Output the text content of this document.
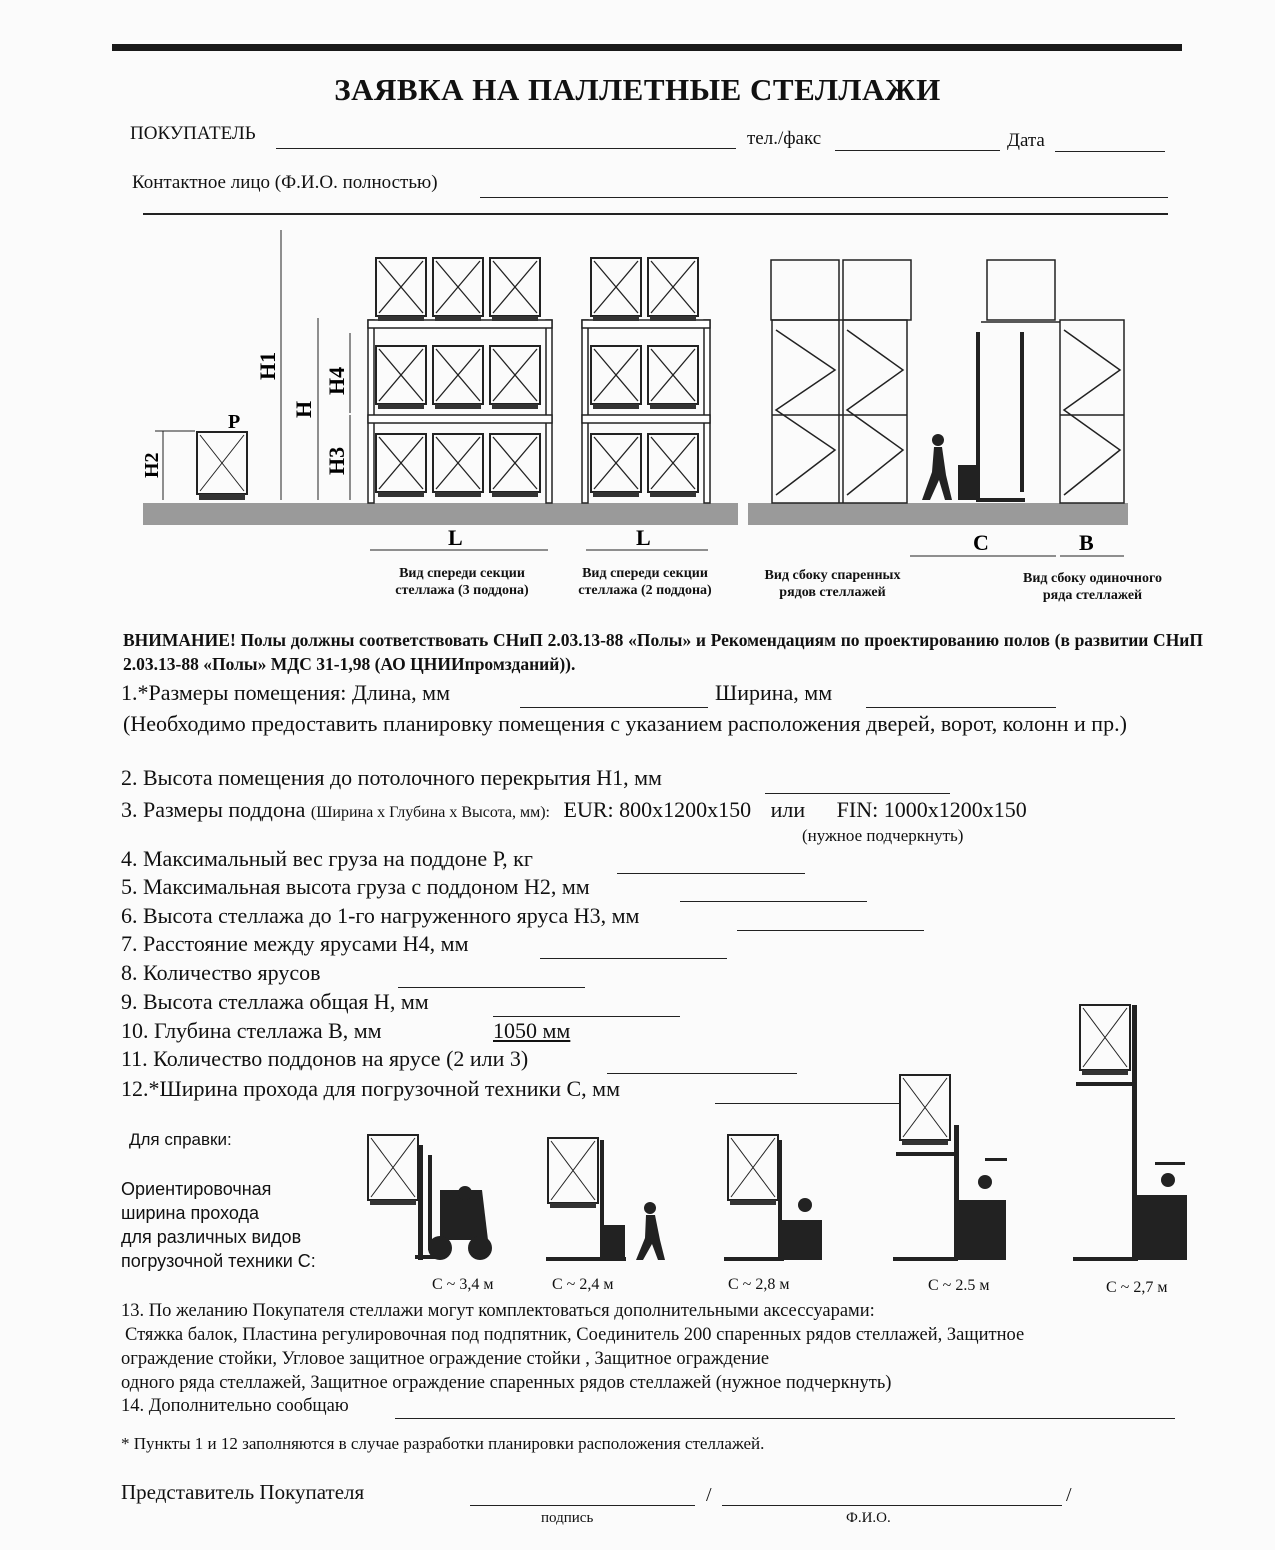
ЗАЯВКА НА ПАЛЛЕТНЫЕ СТЕЛЛАЖИ
ПОКУПАТЕЛЬ	тел./факс	Дата
Контактное лицо (Ф.И.О. полностью)
P
H2
H1
H
H4
H3
L	L	C	B
Вид спереди секции стеллажа (3 поддона)
Вид спереди секции стеллажа (2 поддона)
Вид сбоку спаренных рядов стеллажей
Вид сбоку одиночного ряда стеллажей
ВНИМАНИЕ! Полы должны соответствовать СНиП 2.03.13-88 «Полы» и Рекомендациям по проектированию полов (в развитии СНиП 2.03.13-88 «Полы» МДС 31-1,98 (АО ЦНИИпромзданий)).
1.*Размеры помещения: Длина, мм	Ширина, мм
(Необходимо предоставить планировку помещения с указанием расположения дверей, ворот, колонн и пр.)
2. Высота помещения до потолочного перекрытия Н1, мм
3. Размеры поддона (Ширина х Глубина х Высота, мм): EUR: 800х1200х150 или FIN: 1000х1200х150
(нужное подчеркнуть)
4. Максимальный вес груза на поддоне Р, кг
5. Максимальная высота груза с поддоном Н2, мм
6. Высота стеллажа до 1-го нагруженного яруса Н3, мм
7. Расстояние между ярусами Н4, мм
8. Количество ярусов
9. Высота стеллажа общая Н, мм
10. Глубина стеллажа В, мм	1050 мм
11. Количество поддонов на ярусе (2 или 3)
12.*Ширина прохода для погрузочной техники С, мм
Для справки:
Ориентировочная
ширина прохода
для различных видов
погрузочной техники С:
C ~ 3,4 м	C ~ 2,4 м	C ~ 2,8 м	C ~ 2.5 м	C ~ 2,7 м
13. По желанию Покупателя стеллажи могут комплектоваться дополнительными аксессуарами:
Стяжка балок, Пластина регулировочная под подпятник, Соединитель 200 спаренных рядов стеллажей, Защитное
ограждение стойки, Угловое защитное ограждение стойки , Защитное ограждение
одного ряда стеллажей, Защитное ограждение спаренных рядов стеллажей (нужное подчеркнуть)
14. Дополнительно сообщаю
* Пункты 1 и 12 заполняются в случае разработки планировки расположения стеллажей.
Представитель Покупателя	/	/
подпись	Ф.И.О.
